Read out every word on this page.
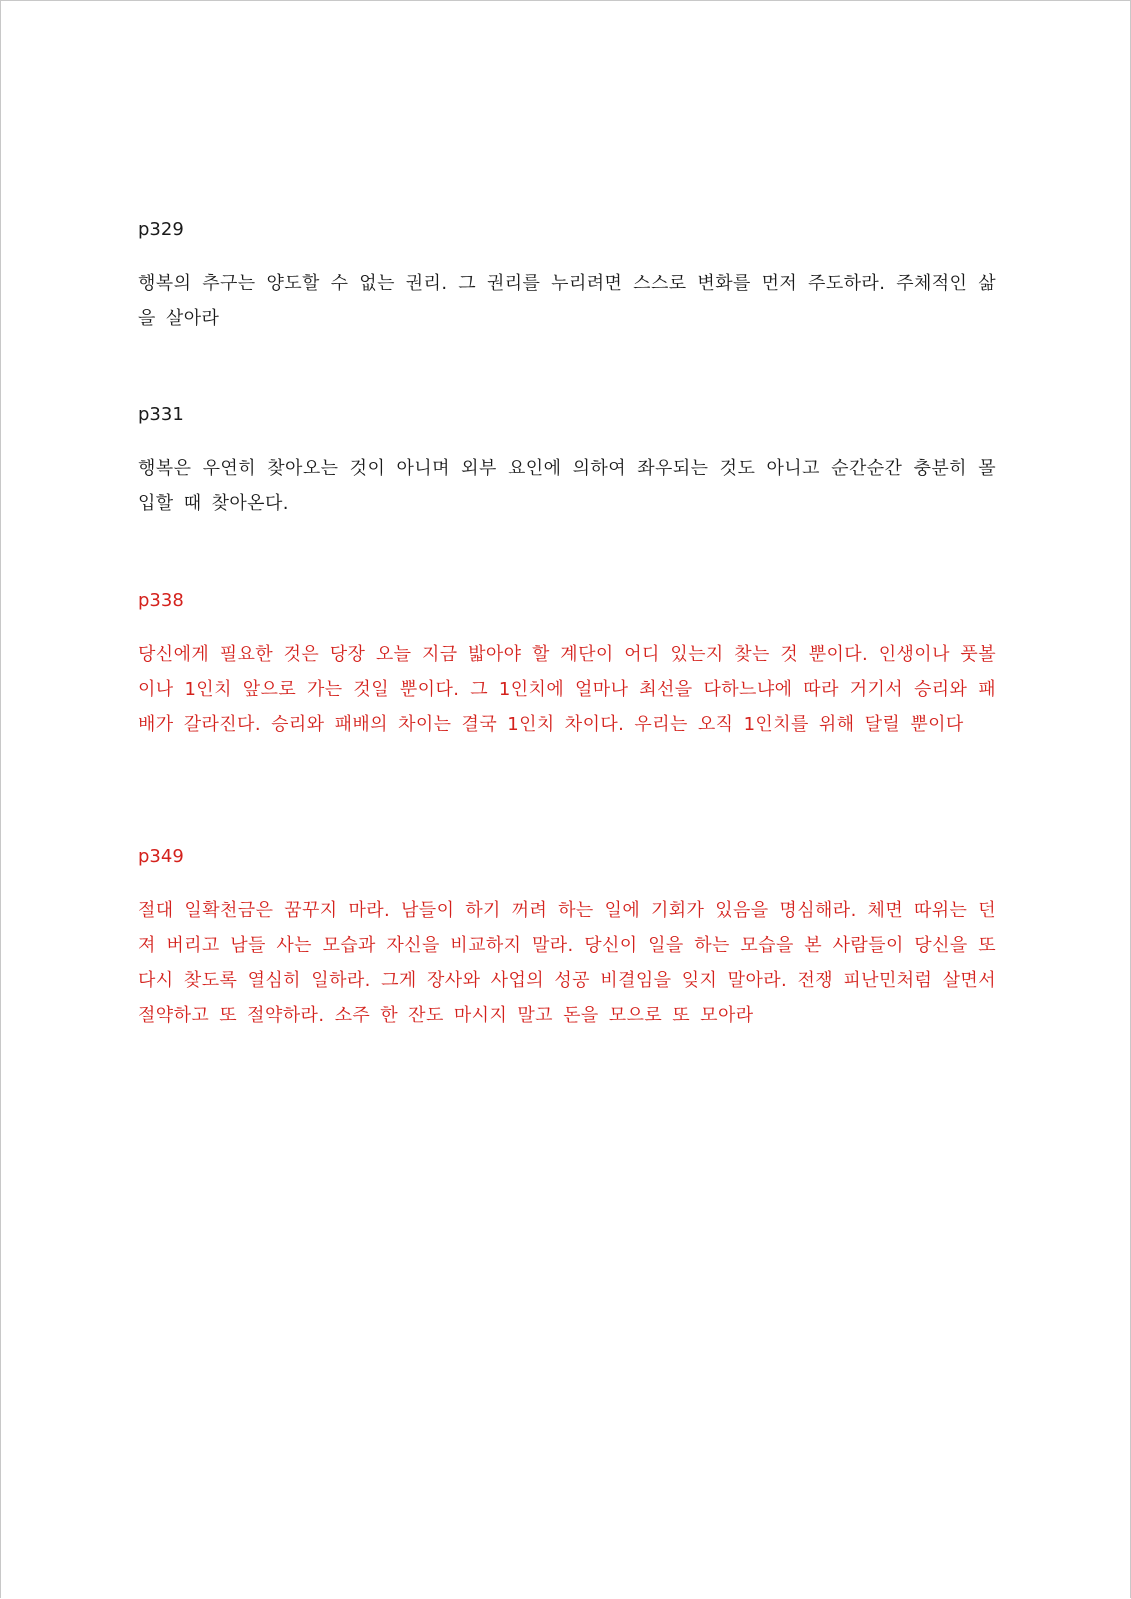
p329

행복의 추구는 양도할 수 없는 권리. 그 권리를 누리려면 스스로 변화를 먼저 주도하라. 주체적인 삶을 살아라

p331

행복은 우연히 찾아오는 것이 아니며 외부 요인에 의하여 좌우되는 것도 아니고 순간순간 충분히 몰입할 때 찾아온다.

p338

당신에게 필요한 것은 당장 오늘 지금 밟아야 할 계단이 어디 있는지 찾는 것 뿐이다. 인생이나 풋볼이나 1인치 앞으로 가는 것일 뿐이다. 그 1인치에 얼마나 최선을 다하느냐에 따라 거기서 승리와 패배가 갈라진다. 승리와 패배의 차이는 결국 1인치 차이다. 우리는 오직 1인치를 위해 달릴 뿐이다

p349

절대 일확천금은 꿈꾸지 마라. 남들이 하기 꺼려 하는 일에 기회가 있음을 명심해라. 체면 따위는 던져 버리고 남들 사는 모습과 자신을 비교하지 말라. 당신이 일을 하는 모습을 본 사람들이 당신을 또다시 찾도록 열심히 일하라. 그게 장사와 사업의 성공 비결임을 잊지 말아라. 전쟁 피난민처럼 살면서 절약하고 또 절약하라. 소주 한 잔도 마시지 말고 돈을 모으로 또 모아라
